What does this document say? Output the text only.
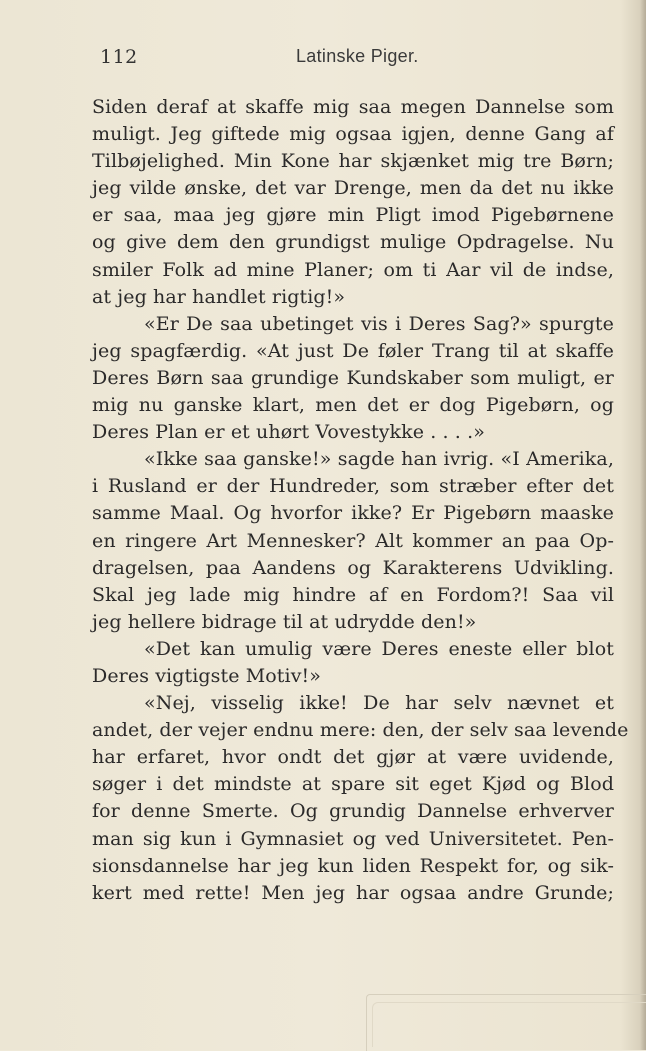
112	Latinske Piger.
Siden deraf at skaffe mig saa megen Dannelse som
muligt. Jeg giftede mig ogsaa igjen, denne Gang af
Tilbøjelighed. Min Kone har skjænket mig tre Børn;
jeg vilde ønske, det var Drenge, men da det nu ikke
er saa, maa jeg gjøre min Pligt imod Pigebørnene
og give dem den grundigst mulige Opdragelse. Nu
smiler Folk ad mine Planer; om ti Aar vil de indse,
at jeg har handlet rigtig!»
«Er De saa ubetinget vis i Deres Sag?» spurgte
jeg spagfærdig. «At just De føler Trang til at skaffe
Deres Børn saa grundige Kundskaber som muligt, er
mig nu ganske klart, men det er dog Pigebørn, og
Deres Plan er et uhørt Vovestykke . . . .»
«Ikke saa ganske!» sagde han ivrig. «I Amerika,
i Rusland er der Hundreder, som stræber efter det
samme Maal. Og hvorfor ikke? Er Pigebørn maaske
en ringere Art Mennesker? Alt kommer an paa Op-
dragelsen, paa Aandens og Karakterens Udvikling.
Skal jeg lade mig hindre af en Fordom?! Saa vil
jeg hellere bidrage til at udrydde den!»
«Det kan umulig være Deres eneste eller blot
Deres vigtigste Motiv!»
«Nej, visselig ikke! De har selv nævnet et
andet, der vejer endnu mere: den, der selv saa levende
har erfaret, hvor ondt det gjør at være uvidende,
søger i det mindste at spare sit eget Kjød og Blod
for denne Smerte. Og grundig Dannelse erhverver
man sig kun i Gymnasiet og ved Universitetet. Pen-
sionsdannelse har jeg kun liden Respekt for, og sik-
kert med rette! Men jeg har ogsaa andre Grunde;
